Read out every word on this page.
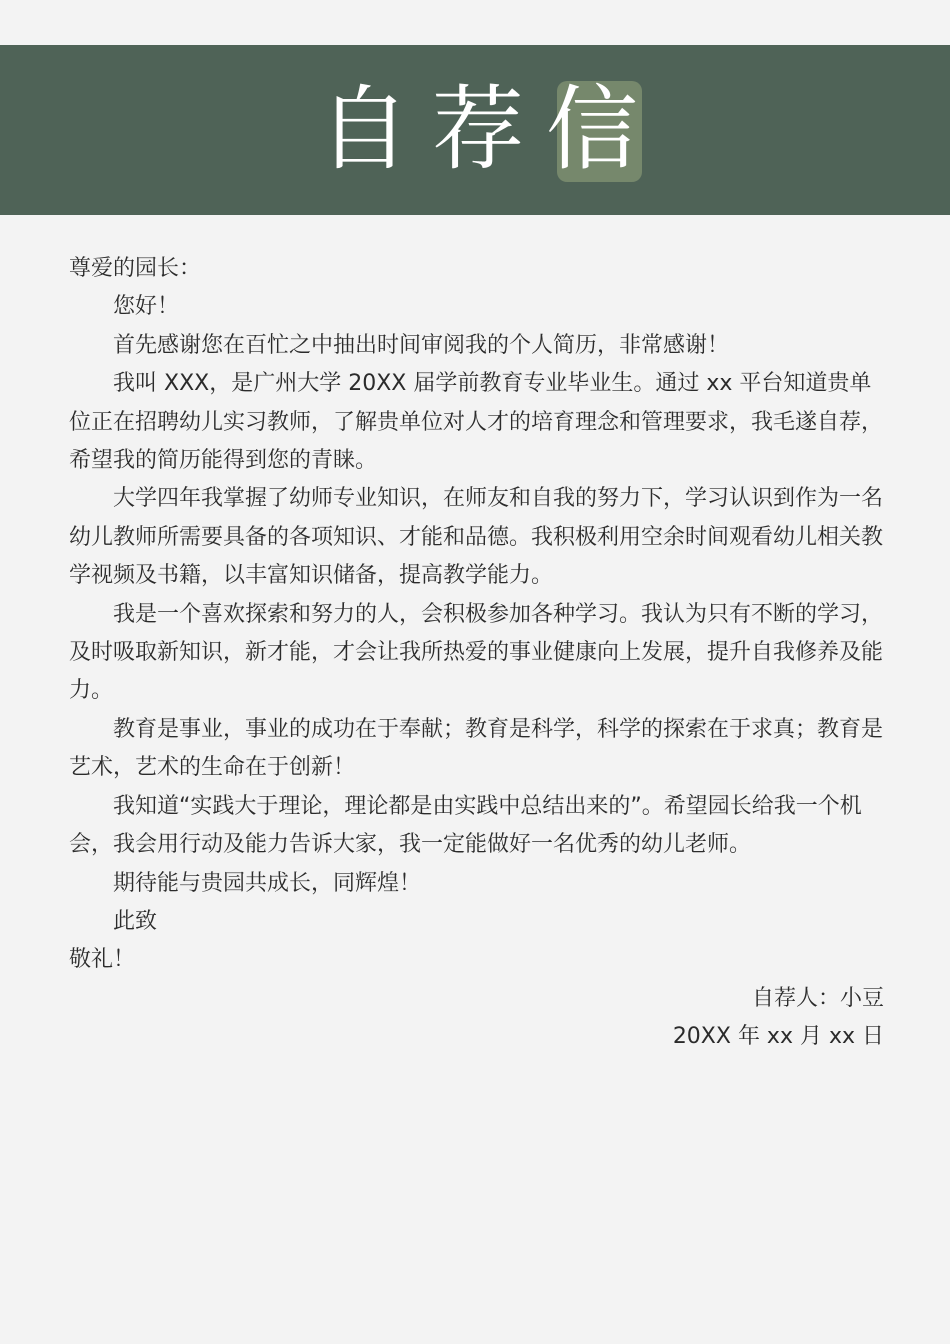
自 荐 信

尊爱的园长：

您好！

首先感谢您在百忙之中抽出时间审阅我的个人简历，非常感谢！

我叫 XXX，是广州大学 20XX 届学前教育专业毕业生。通过 xx 平台知道贵单位正在招聘幼儿实习教师，了解贵单位对人才的培育理念和管理要求，我毛遂自荐，希望我的简历能得到您的青睐。

大学四年我掌握了幼师专业知识，在师友和自我的努力下，学习认识到作为一名幼儿教师所需要具备的各项知识、才能和品德。我积极利用空余时间观看幼儿相关教学视频及书籍，以丰富知识储备，提高教学能力。

我是一个喜欢探索和努力的人，会积极参加各种学习。我认为只有不断的学习，及时吸取新知识，新才能，才会让我所热爱的事业健康向上发展，提升自我修养及能力。

教育是事业，事业的成功在于奉献；教育是科学，科学的探索在于求真；教育是艺术，艺术的生命在于创新！

我知道“实践大于理论，理论都是由实践中总结出来的”。希望园长给我一个机会，我会用行动及能力告诉大家，我一定能做好一名优秀的幼儿老师。

期待能与贵园共成长，同辉煌！

此致

敬礼！

自荐人：小豆

20XX 年 xx 月 xx 日
